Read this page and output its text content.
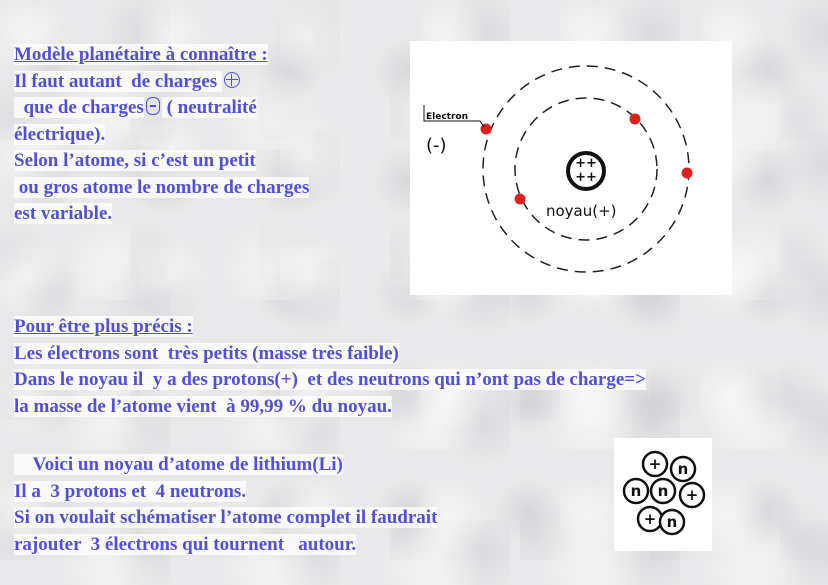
Modèle planétaire à connaître :
Il faut autant  de charges
que de charges ( neutralité
électrique).
Selon l’atome, si c’est un petit
ou gros atome le nombre de charges
est variable.
++
++
Electron
(-)
noyau(+)
Pour être plus précis :
Les électrons sont  très petits (masse très faible)
Dans le noyau il  y a des protons(+)  et des neutrons qui n’ont pas de charge=>
la masse de l’atome vient  à 99,99 % du noyau.
Voici un noyau d’atome de lithium(Li)
Il a  3 protons et  4 neutrons.
Si on voulait schématiser l’atome complet il faudrait
rajouter  3 électrons qui tournent   autour.
n
+
n	+
n
+ n
